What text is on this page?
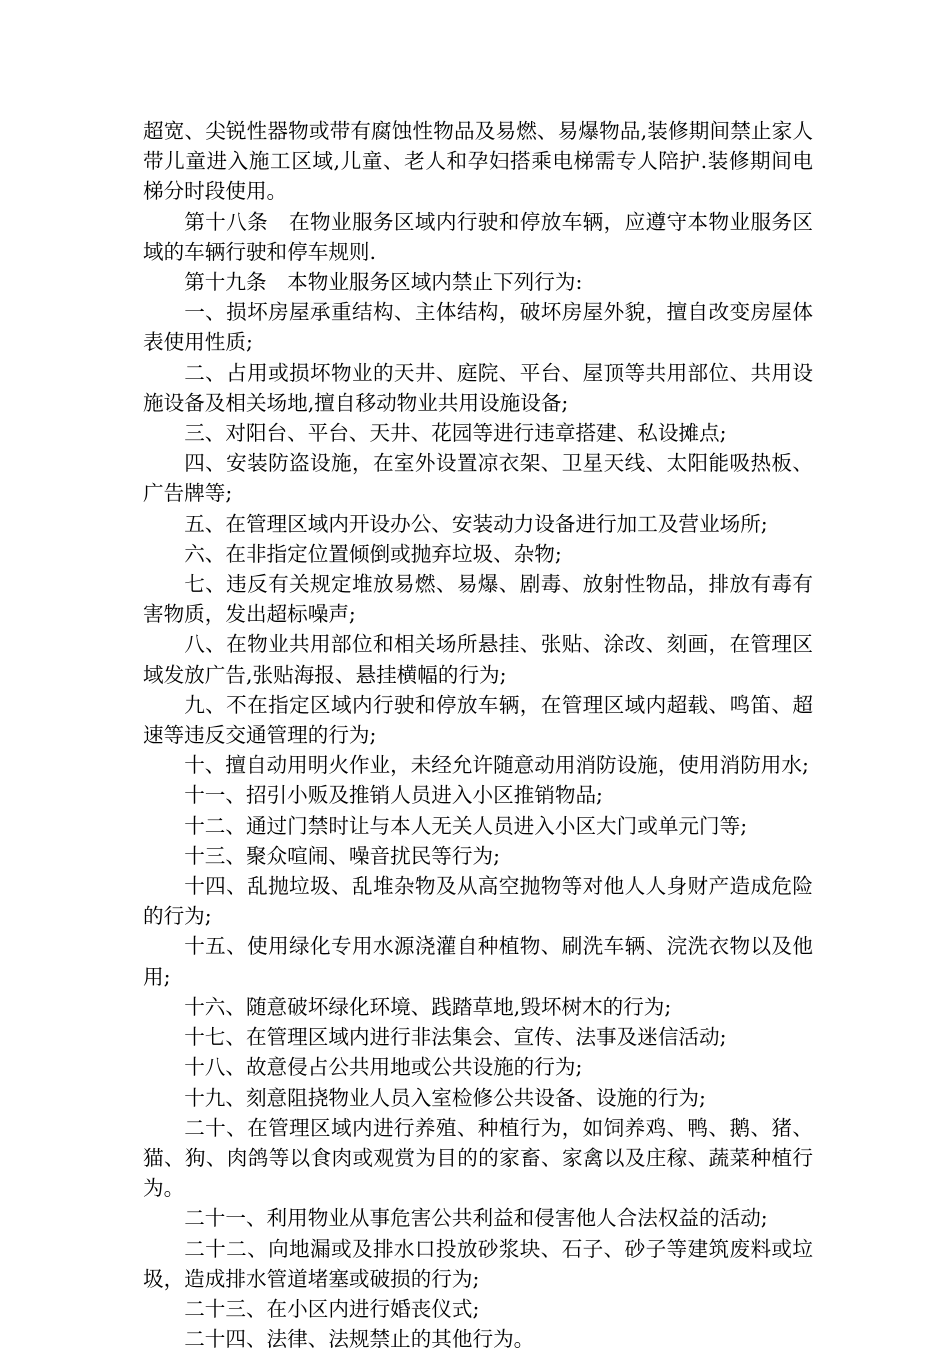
超宽、尖锐性器物或带有腐蚀性物品及易燃、易爆物品,装修期间禁止家人带儿童进入施工区域,儿童、老人和孕妇搭乘电梯需专人陪护.装修期间电梯分时段使用。

第十八条　在物业服务区域内行驶和停放车辆，应遵守本物业服务区域的车辆行驶和停车规则.

第十九条　本物业服务区域内禁止下列行为:

一、损坏房屋承重结构、主体结构，破坏房屋外貌，擅自改变房屋体表使用性质;

二、占用或损坏物业的天井、庭院、平台、屋顶等共用部位、共用设施设备及相关场地,擅自移动物业共用设施设备;

三、对阳台、平台、天井、花园等进行违章搭建、私设摊点;

四、安装防盗设施，在室外设置凉衣架、卫星天线、太阳能吸热板、广告牌等;

五、在管理区域内开设办公、安装动力设备进行加工及营业场所;

六、在非指定位置倾倒或抛弃垃圾、杂物;

七、违反有关规定堆放易燃、易爆、剧毒、放射性物品，排放有毒有害物质，发出超标噪声;

八、在物业共用部位和相关场所悬挂、张贴、涂改、刻画，在管理区域发放广告,张贴海报、悬挂横幅的行为;

九、不在指定区域内行驶和停放车辆，在管理区域内超载、鸣笛、超速等违反交通管理的行为;

十、擅自动用明火作业，未经允许随意动用消防设施，使用消防用水;

十一、招引小贩及推销人员进入小区推销物品;

十二、通过门禁时让与本人无关人员进入小区大门或单元门等;

十三、聚众喧闹、噪音扰民等行为;

十四、乱抛垃圾、乱堆杂物及从高空抛物等对他人人身财产造成危险的行为;

十五、使用绿化专用水源浇灌自种植物、刷洗车辆、浣洗衣物以及他用;

十六、随意破坏绿化环境、践踏草地,毁坏树木的行为;

十七、在管理区域内进行非法集会、宣传、法事及迷信活动;

十八、故意侵占公共用地或公共设施的行为;

十九、刻意阻挠物业人员入室检修公共设备、设施的行为;

二十、在管理区域内进行养殖、种植行为，如饲养鸡、鸭、鹅、猪、猫、狗、肉鸽等以食肉或观赏为目的的家畜、家禽以及庄稼、蔬菜种植行为。

二十一、利用物业从事危害公共利益和侵害他人合法权益的活动;

二十二、向地漏或及排水口投放砂浆块、石子、砂子等建筑废料或垃圾，造成排水管道堵塞或破损的行为;

二十三、在小区内进行婚丧仪式;

二十四、法律、法规禁止的其他行为。
